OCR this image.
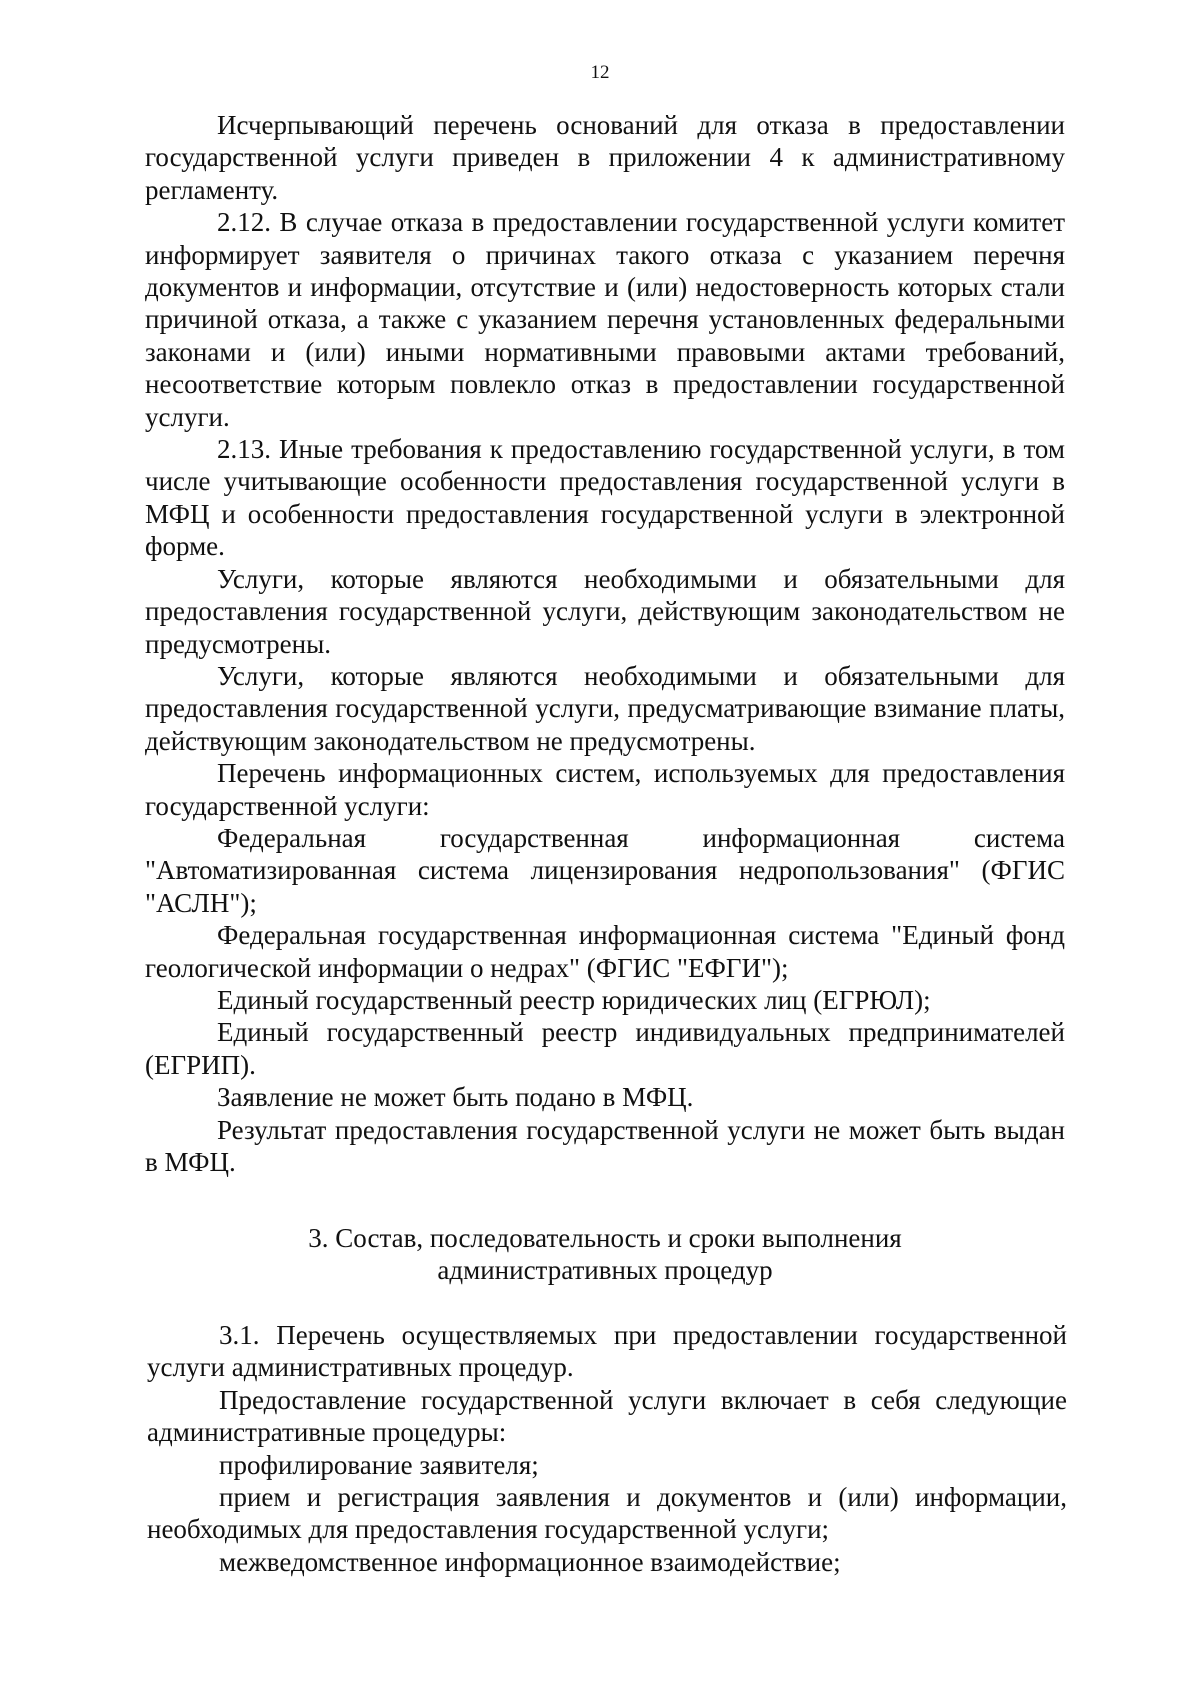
12

Исчерпывающий перечень оснований для отказа в предоставлении государственной услуги приведен в приложении 4 к административному регламенту.

2.12. В случае отказа в предоставлении государственной услуги комитет информирует заявителя о причинах такого отказа с указанием перечня документов и информации, отсутствие и (или) недостоверность которых стали причиной отказа, а также с указанием перечня установленных федеральными законами и (или) иными нормативными правовыми актами требований, несоответствие которым повлекло отказ в предоставлении государственной услуги.

2.13. Иные требования к предоставлению государственной услуги, в том числе учитывающие особенности предоставления государственной услуги в МФЦ и особенности предоставления государственной услуги в электронной форме.

Услуги, которые являются необходимыми и обязательными для предоставления государственной услуги, действующим законодательством не предусмотрены.

Услуги, которые являются необходимыми и обязательными для предоставления государственной услуги, предусматривающие взимание платы, действующим законодательством не предусмотрены.

Перечень информационных систем, используемых для предоставления государственной услуги:

Федеральная государственная информационная система "Автоматизированная система лицензирования недропользования" (ФГИС "АСЛН");

Федеральная государственная информационная система "Единый фонд геологической информации о недрах" (ФГИС "ЕФГИ");

Единый государственный реестр юридических лиц (ЕГРЮЛ);

Единый государственный реестр индивидуальных предпринимателей (ЕГРИП).

Заявление не может быть подано в МФЦ.

Результат предоставления государственной услуги не может быть выдан в МФЦ.

3. Состав, последовательность и сроки выполнения
административных процедур

3.1. Перечень осуществляемых при предоставлении государственной услуги административных процедур.

Предоставление государственной услуги включает в себя следующие административные процедуры:

профилирование заявителя;

прием и регистрация заявления и документов и (или) информации, необходимых для предоставления государственной услуги;

межведомственное информационное взаимодействие;
